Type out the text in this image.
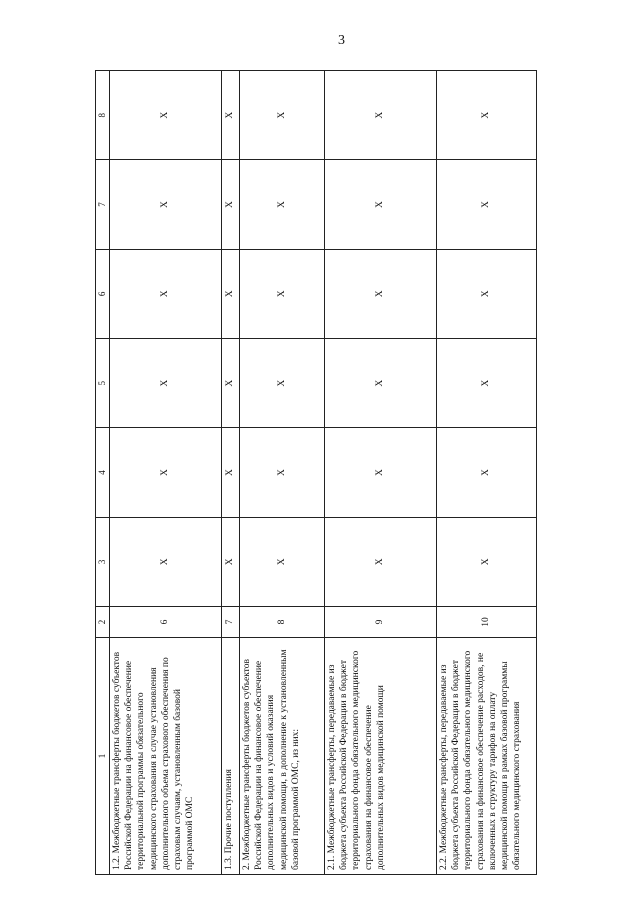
3
1	2	3	4	5	6	7	8
1.2. Межбюджетные трансферты бюджетов субъектов Российской Федерации на финансовое обеспечение территориальной программы обязательного медицинского страхования в случае установления дополнительного объема страхового обеспечения по страховым случаям, установленным базовой программой ОМС	6	X	X	X	X	X	X
1.3. Прочие поступления	7	X	X	X	X	X	X
2. Межбюджетные трансферты бюджетов субъектов Российской Федерации на финансовое обеспечение дополнительных видов и условий оказания медицинской помощи, в дополнение к установленным базовой программой ОМС, из них:	8	X	X	X	X	X	X
2.1. Межбюджетные трансферты, передаваемые из бюджета субъекта Российской Федерации в бюджет территориального фонда обязательного медицинского страхования на финансовое обеспечение дополнительных видов медицинской помощи	9	X	X	X	X	X	X
2.2. Межбюджетные трансферты, передаваемые из бюджета субъекта Российской Федерации в бюджет территориального фонда обязательного медицинского страхования на финансовое обеспечение расходов, не включенных в структуру тарифов на оплату медицинской помощи в рамках базовой программы обязательного медицинского страхования	10	X	X	X	X	X	X
